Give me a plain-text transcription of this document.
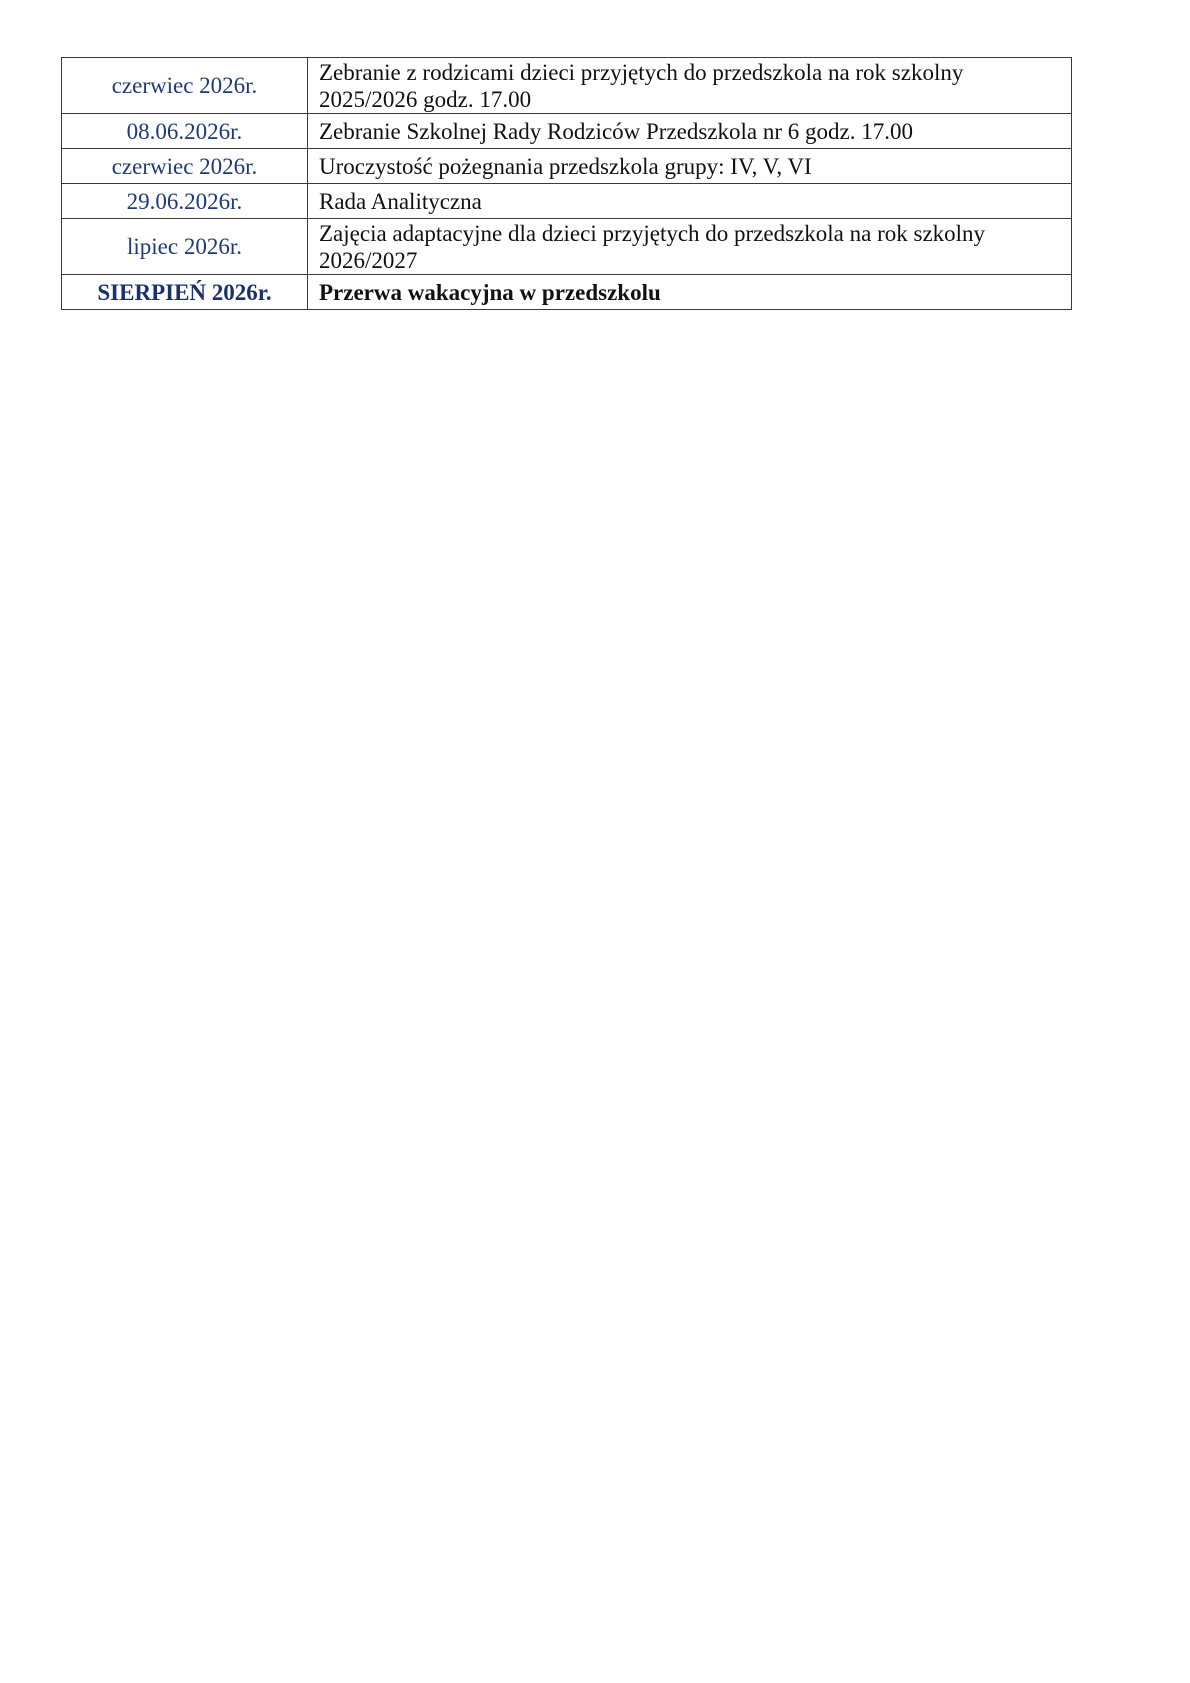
czerwiec 2026r.	Zebranie z rodzicami dzieci przyjętych do przedszkola na rok szkolny 2025/2026 godz. 17.00
08.06.2026r.	Zebranie Szkolnej Rady Rodziców Przedszkola nr 6 godz. 17.00
czerwiec 2026r.	Uroczystość pożegnania przedszkola grupy: IV, V, VI
29.06.2026r.	Rada Analityczna
lipiec 2026r.	Zajęcia adaptacyjne dla dzieci przyjętych do przedszkola na rok szkolny 2026/2027
SIERPIEŃ 2026r.	Przerwa wakacyjna w przedszkolu
